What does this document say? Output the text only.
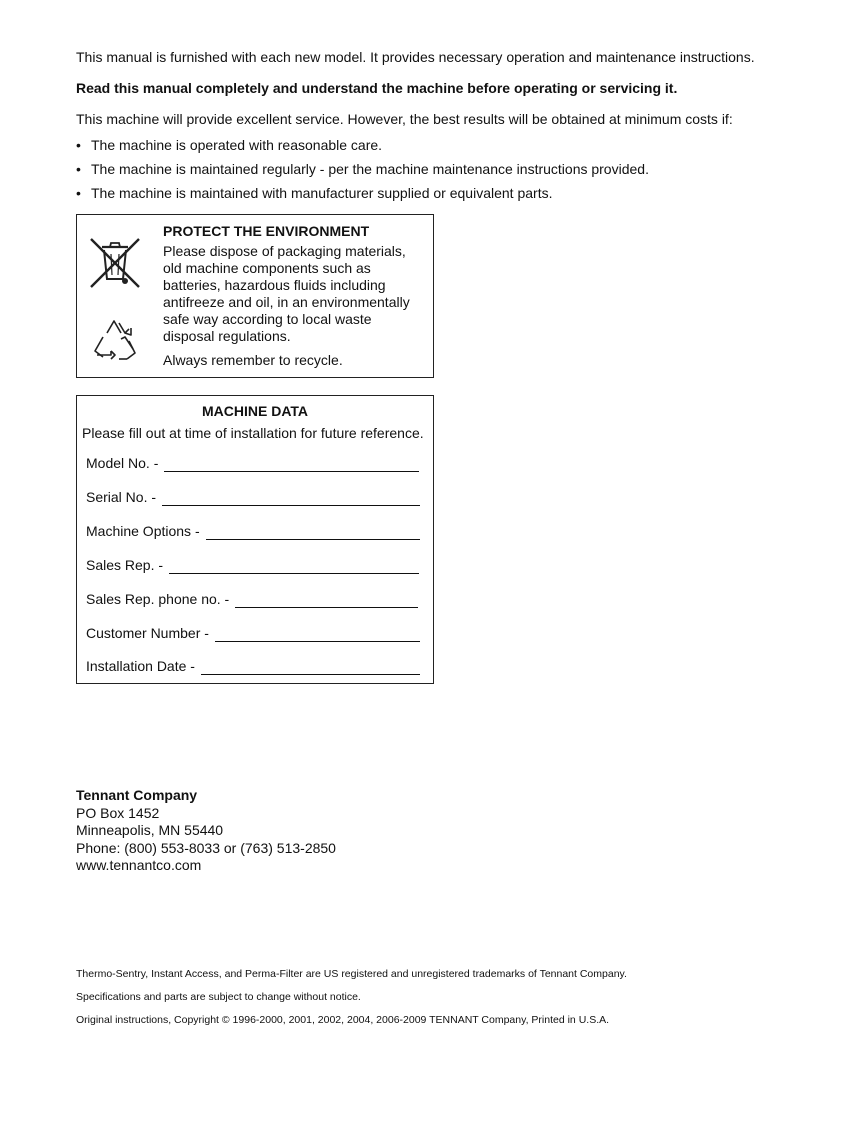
This manual is furnished with each new model. It provides necessary operation and maintenance instructions.
Read this manual completely and understand the machine before operating or servicing it.
This machine will provide excellent service. However, the best results will be obtained at minimum costs if:
• The machine is operated with reasonable care.
• The machine is maintained regularly - per the machine maintenance instructions provided.
• The machine is maintained with manufacturer supplied or equivalent parts.
PROTECT THE ENVIRONMENT
Please dispose of packaging materials,
old machine components such as
batteries, hazardous fluids including
antifreeze and oil, in an environmentally
safe way according to local waste
disposal regulations.
Always remember to recycle.
MACHINE DATA
Please fill out at time of installation for future reference.
Model No. -
Serial No. -
Machine Options -
Sales Rep. -
Sales Rep. phone no. -
Customer Number -
Installation Date -
Tennant Company
PO Box 1452
Minneapolis, MN 55440
Phone: (800) 553-8033 or (763) 513-2850
www.tennantco.com
Thermo-Sentry, Instant Access, and Perma-Filter are US registered and unregistered trademarks of Tennant Company.
Specifications and parts are subject to change without notice.
Original instructions, Copyright © 1996-2000, 2001, 2002, 2004, 2006-2009 TENNANT Company, Printed in U.S.A.
